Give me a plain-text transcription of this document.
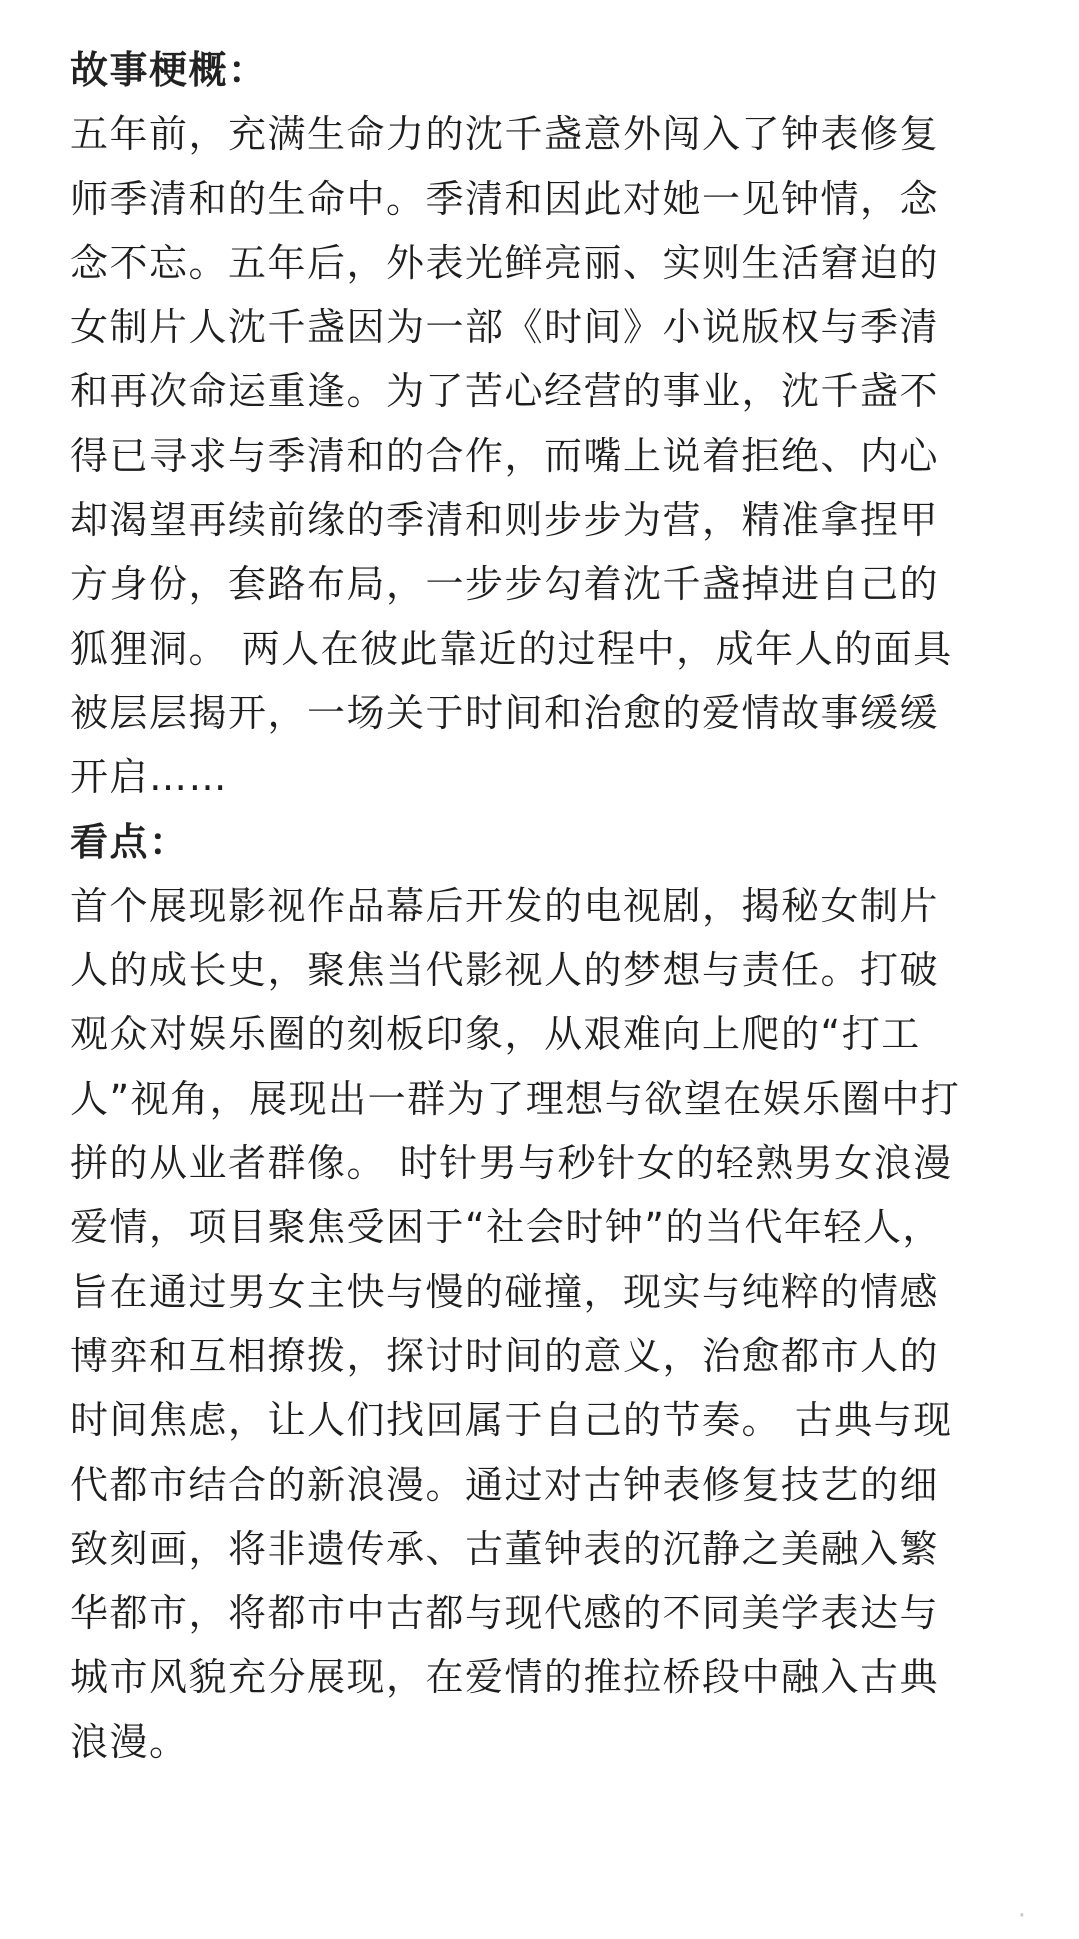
故事梗概：
五年前，充满生命力的沈千盏意外闯入了钟表修复
师季清和的生命中。季清和因此对她一见钟情，念
念不忘。五年后，外表光鲜亮丽、实则生活窘迫的
女制片人沈千盏因为一部《时间》小说版权与季清
和再次命运重逢。为了苦心经营的事业，沈千盏不
得已寻求与季清和的合作，而嘴上说着拒绝、内心
却渴望再续前缘的季清和则步步为营，精准拿捏甲
方身份，套路布局，一步步勾着沈千盏掉进自己的
狐狸洞。 两人在彼此靠近的过程中，成年人的面具
被层层揭开，一场关于时间和治愈的爱情故事缓缓
开启……
看点：
首个展现影视作品幕后开发的电视剧，揭秘女制片
人的成长史，聚焦当代影视人的梦想与责任。打破
观众对娱乐圈的刻板印象，从艰难向上爬的“打工
人”视角，展现出一群为了理想与欲望在娱乐圈中打
拼的从业者群像。 时针男与秒针女的轻熟男女浪漫
爱情，项目聚焦受困于“社会时钟”的当代年轻人，
旨在通过男女主快与慢的碰撞，现实与纯粹的情感
博弈和互相撩拨，探讨时间的意义，治愈都市人的
时间焦虑，让人们找回属于自己的节奏。 古典与现
代都市结合的新浪漫。通过对古钟表修复技艺的细
致刻画，将非遗传承、古董钟表的沉静之美融入繁
华都市，将都市中古都与现代感的不同美学表达与
城市风貌充分展现，在爱情的推拉桥段中融入古典
浪漫。
·
